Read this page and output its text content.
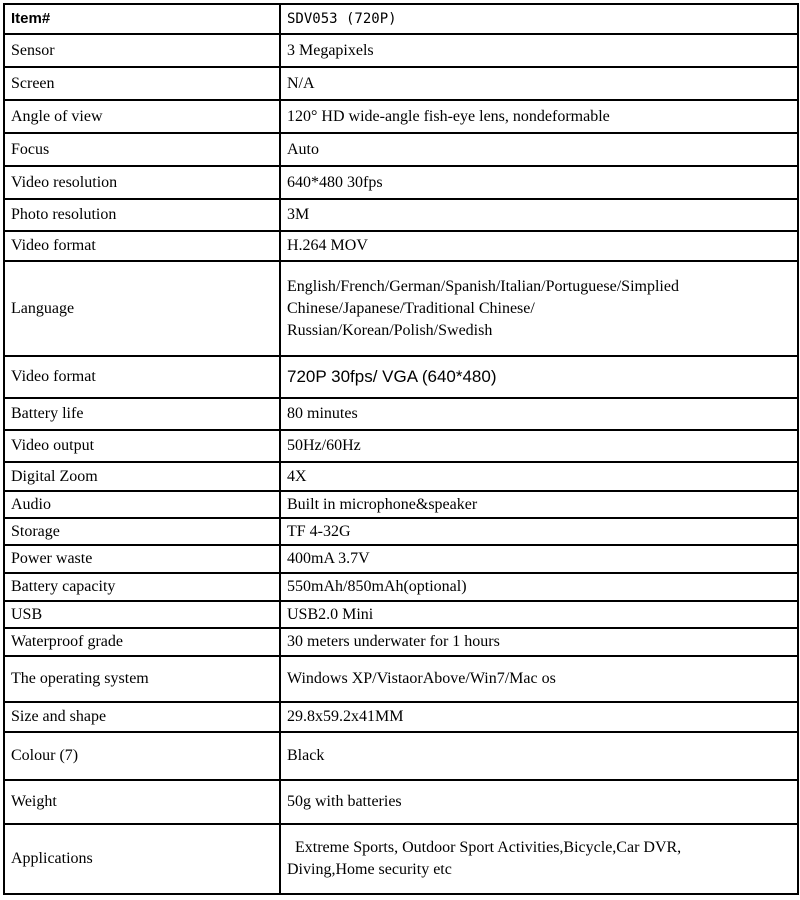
Item#	SDV053 (720P)
Sensor	3 Megapixels
Screen	N/A
Angle of view	120° HD wide-angle fish-eye lens, nondeformable
Focus	Auto
Video resolution	640*480 30fps
Photo resolution	3M
Video format	H.264 MOV
Language	English/French/German/Spanish/Italian/Portuguese/Simplied
Chinese/Japanese/Traditional Chinese/
Russian/Korean/Polish/Swedish

Video format	720P 30fps/ VGA (640*480)
Battery life	80 minutes
Video output	50Hz/60Hz
Digital Zoom	4X
Audio	Built in microphone&speaker
Storage	TF 4-32G
Power waste	400mA 3.7V
Battery capacity	550mAh/850mAh(optional)
USB	USB2.0 Mini
Waterproof grade	30 meters underwater for 1 hours
The operating system	Windows XP/VistaorAbove/Win7/Mac os
Size and shape	29.8x59.2x41MM
Colour (7)	Black
Weight	50g with batteries
Applications	Extreme Sports, Outdoor Sport Activities,Bicycle,Car DVR,
Diving,Home security etc
